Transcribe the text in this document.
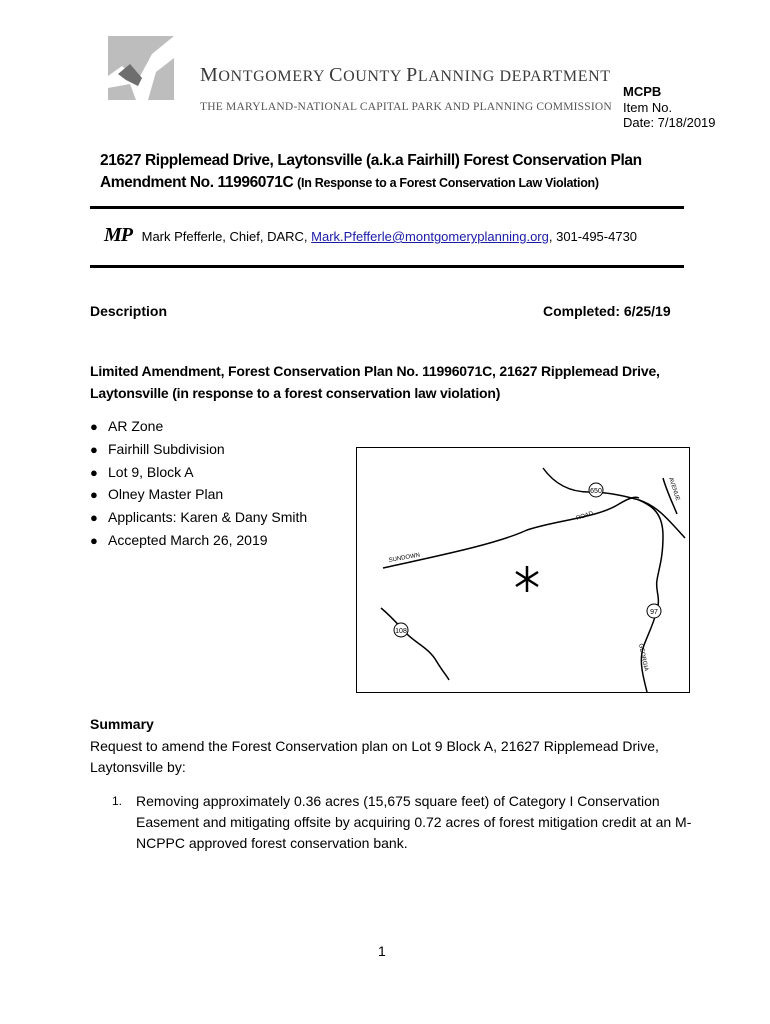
MONTGOMERY COUNTY PLANNING DEPARTMENT
THE MARYLAND-NATIONAL CAPITAL PARK AND PLANNING COMMISSION
MCPB
Item No.
Date: 7/18/2019
21627 Ripplemead Drive, Laytonsville (a.k.a Fairhill) Forest Conservation Plan Amendment No. 11996071C (In Response to a Forest Conservation Law Violation)
MP Mark Pfefferle, Chief, DARC, Mark.Pfefferle@montgomeryplanning.org, 301-495-4730
Description	Completed: 6/25/19
Limited Amendment, Forest Conservation Plan No. 11996071C, 21627 Ripplemead Drive, Laytonsville (in response to a forest conservation law violation)
● AR Zone
● Fairhill Subdivision
● Lot 9, Block A
● Olney Master Plan
● Applicants: Karen & Dany Smith
● Accepted March 26, 2019
650
97
108
SUNDOWN
ROAD
AVENUE
GEORGIA
Summary
Request to amend the Forest Conservation plan on Lot 9 Block A, 21627 Ripplemead Drive, Laytonsville by:
1. Removing approximately 0.36 acres (15,675 square feet) of Category I Conservation Easement and mitigating offsite by acquiring 0.72 acres of forest mitigation credit at an M-NCPPC approved forest conservation bank.
1
